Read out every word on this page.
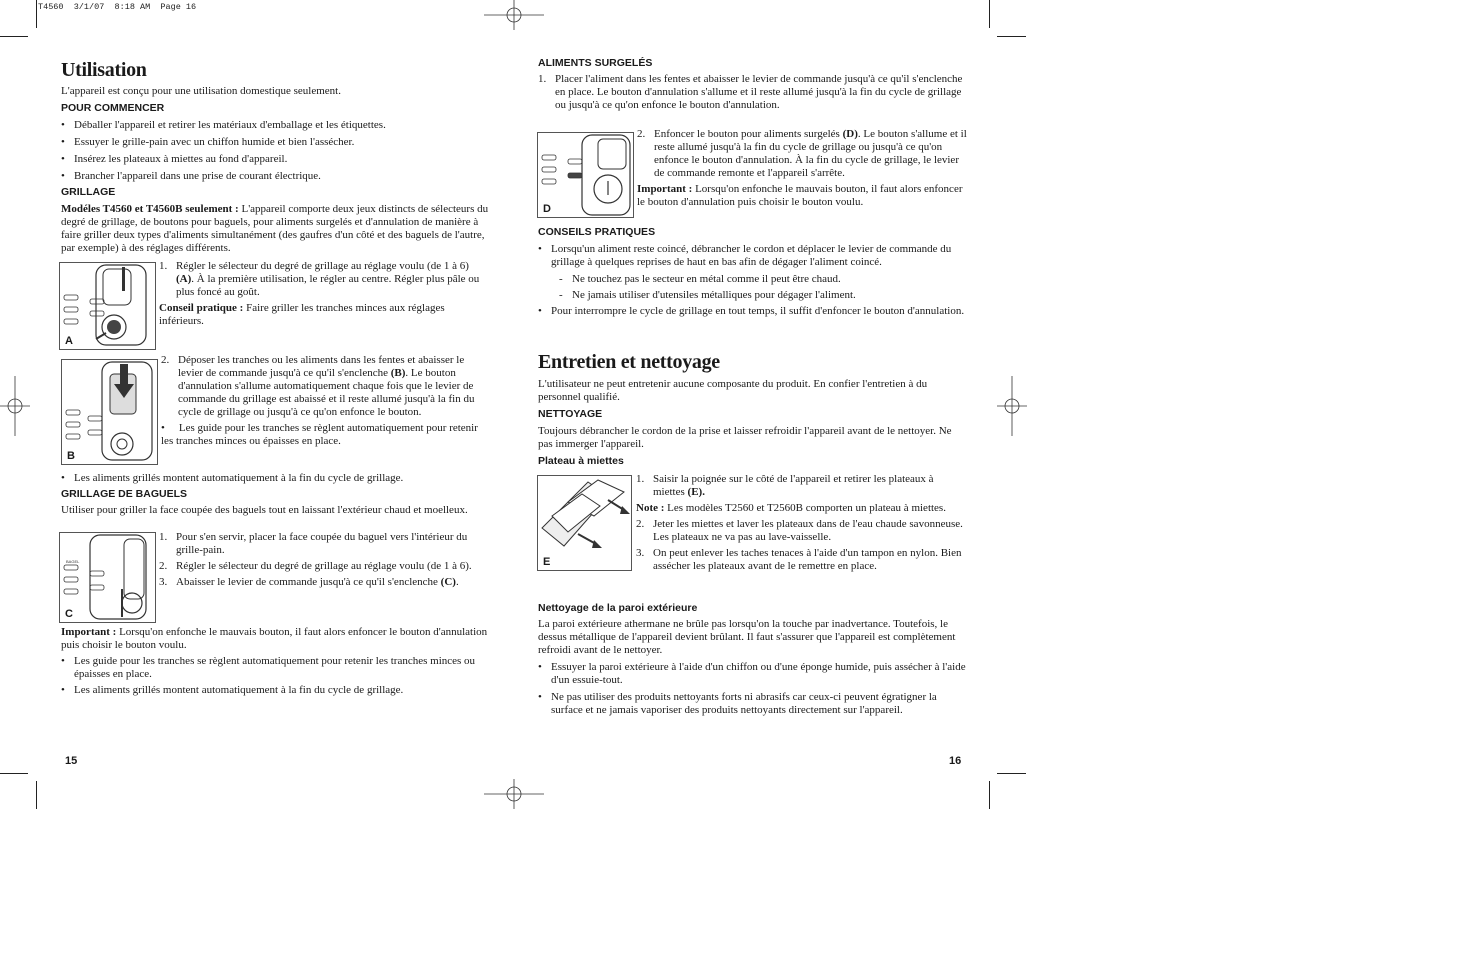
T4560  3/1/07  8:18 AM  Page 16
Utilisation

L'appareil est conçu pour une utilisation domestique seulement.

POUR COMMENCER

• Déballer l'appareil et retirer les matériaux d'emballage et les étiquettes.

• Essuyer le grille-pain avec un chiffon humide et bien l'assécher.

• Insérez les plateaux à miettes au fond d'appareil.

• Brancher l'appareil dans une prise de courant électrique.

GRILLAGE

Modéles T4560 et T4560B seulement : L'appareil comporte deux jeux distincts de sélecteurs du degré de grillage, de boutons pour baguels, pour aliments surgelés et d'annulation de manière à faire griller deux types d'aliments simultanément (des gaufres d'un côté et des baguels de l'autre, par exemple) à des réglages différents.

A

1. Régler le sélecteur du degré de grillage au réglage voulu (de 1 à 6) (A). À la première utilisation, le régler au centre. Régler plus pâle ou plus foncé au goût.

Conseil pratique : Faire griller les tranches minces aux réglages inférieurs.

B

2. Déposer les tranches ou les aliments dans les fentes et abaisser le levier de commande jusqu'à ce qu'il s'enclenche (B). Le bouton d'annulation s'allume automatiquement chaque fois que le levier de commande du grillage est abaissé et il reste allumé jusqu'à la fin du cycle de grillage ou jusqu'à ce qu'on enfonce le bouton.

• Les guide pour les tranches se règlent automatiquement pour retenir les tranches minces ou épaisses en place.

• Les aliments grillés montent automatiquement à la fin du cycle de grillage.

GRILLAGE DE BAGUELS

Utiliser pour griller la face coupée des baguels tout en laissant l'extérieur chaud et moelleux.

BAGEL
C

1. Pour s'en servir, placer la face coupée du baguel vers l'intérieur du grille-pain.

2. Régler le sélecteur du degré de grillage au réglage voulu (de 1 à 6).

3. Abaisser le levier de commande jusqu'à ce qu'il s'enclenche (C).

Important : Lorsqu'on enfonche le mauvais bouton, il faut alors enfoncer le bouton d'annulation puis choisir le bouton voulu.

• Les guide pour les tranches se règlent automatiquement pour retenir les tranches minces ou épaisses en place.

• Les aliments grillés montent automatiquement à la fin du cycle de grillage.

15

ALIMENTS SURGELÉS

1. Placer l'aliment dans les fentes et abaisser le levier de commande jusqu'à ce qu'il s'enclenche en place. Le bouton d'annulation s'allume et il reste allumé jusqu'à la fin du cycle de grillage ou jusqu'à ce qu'on enfonce le bouton d'annulation.

D

2. Enfoncer le bouton pour aliments surgelés (D). Le bouton s'allume et il reste allumé jusqu'à la fin du cycle de grillage ou jusqu'à ce qu'on enfonce le bouton d'annulation. À la fin du cycle de grillage, le levier de commande remonte et l'appareil s'arrête.

Important : Lorsqu'on enfonche le mauvais bouton, il faut alors enfoncer le bouton d'annulation puis choisir le bouton voulu.

CONSEILS PRATIQUES

• Lorsqu'un aliment reste coincé, débrancher le cordon et déplacer le levier de commande du grillage à quelques reprises de haut en bas afin de dégager l'aliment coincé.

- Ne touchez pas le secteur en métal comme il peut être chaud.

- Ne jamais utiliser d'utensiles métalliques pour dégager l'aliment.

• Pour interrompre le cycle de grillage en tout temps, il suffit d'enfoncer le bouton d'annulation.

Entretien et nettoyage

L'utilisateur ne peut entretenir aucune composante du produit. En confier l'entretien à du personnel qualifié.

NETTOYAGE

Toujours débrancher le cordon de la prise et laisser refroidir l'appareil avant de le nettoyer. Ne pas immerger l'appareil.

Plateau à miettes

E

1. Saisir la poignée sur le côté de l'appareil et retirer les plateaux à miettes (E).

Note : Les modèles T2560 et T2560B comporten un plateau à miettes.

2. Jeter les miettes et laver les plateaux dans de l'eau chaude savonneuse. Les plateaux ne va pas au lave-vaisselle.

3. On peut enlever les taches tenaces à l'aide d'un tampon en nylon. Bien assécher les plateaux avant de le remettre en place.

Nettoyage de la paroi extérieure

La paroi extérieure athermane ne brûle pas lorsqu'on la touche par inadvertance. Toutefois, le dessus métallique de l'appareil devient brûlant. Il faut s'assurer que l'appareil est complètement refroidi avant de le nettoyer.

• Essuyer la paroi extérieure à l'aide d'un chiffon ou d'une éponge humide, puis assécher à l'aide d'un essuie-tout.

• Ne pas utiliser des produits nettoyants forts ni abrasifs car ceux-ci peuvent égratigner la surface et ne jamais vaporiser des produits nettoyants directement sur l'appareil.

16
